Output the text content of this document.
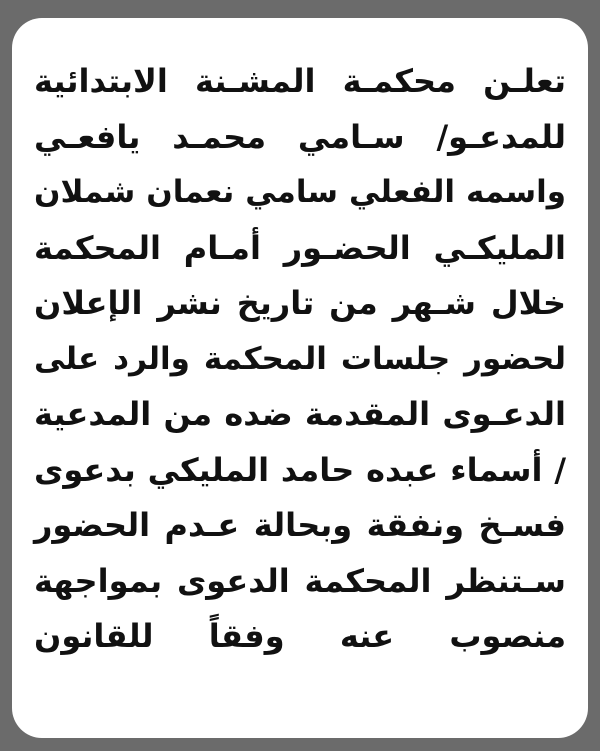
تعلـن محكمـة المشـنة الابتدائية
للمدعـو/ سـامي محمـد يافعـي
واسمه الفعلي سامي نعمان شملان
المليكـي الحضـور أمـام المحكمة
خلال شـهر من تاريخ نشر الإعلان
لحضور جلسات المحكمة والرد على
الدعـوى المقدمة ضده من المدعية
/ أسماء عبده حامد المليكي بدعوى
فسـخ ونفقة وبحالة عـدم الحضور
سـتنظر المحكمة الدعوى بمواجهة
منصوب عنه وفقاً للقانون
